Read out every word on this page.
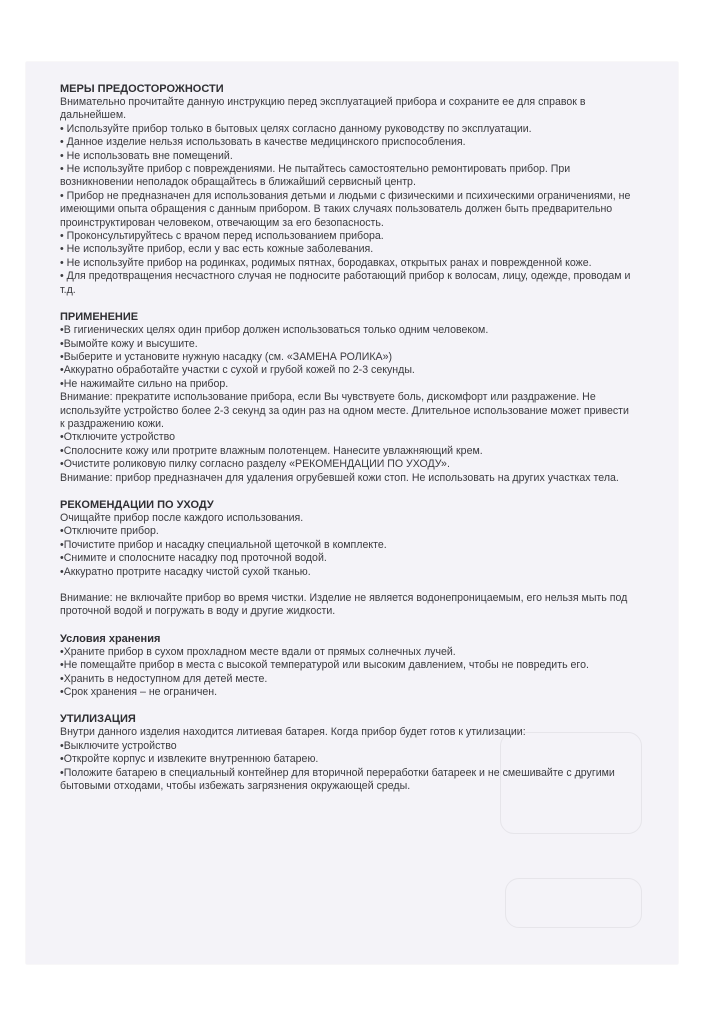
МЕРЫ ПРЕДОСТОРОЖНОСТИ

Внимательно прочитайте данную инструкцию перед эксплуатацией прибора и сохраните ее для справок в

дальнейшем.

• Используйте прибор только в бытовых целях согласно данному руководству по эксплуатации.

• Данное изделие нельзя использовать в качестве медицинского приспособления.

• Не использовать вне помещений.

• Не используйте прибор с повреждениями. Не пытайтесь самостоятельно ремонтировать прибор. При

возникновении неполадок обращайтесь в ближайший сервисный центр.

• Прибор не предназначен для использования детьми и людьми с физическими и психическими ограничениями, не

имеющими опыта обращения с данным прибором. В таких случаях пользователь должен быть предварительно

проинструктирован человеком, отвечающим за его безопасность.

• Проконсультируйтесь с врачом перед использованием прибора.

• Не используйте прибор, если у вас есть кожные заболевания.

• Не используйте прибор на родинках, родимых пятнах, бородавках, открытых ранах и поврежденной коже.

• Для предотвращения несчастного случая не подносите работающий прибор к волосам, лицу, одежде, проводам и

т.д.

ПРИМЕНЕНИЕ

•В гигиенических целях один прибор должен использоваться только одним человеком.

•Вымойте кожу и высушите.

•Выберите и установите нужную насадку (см. «ЗАМЕНА РОЛИКА»)

•Аккуратно обработайте участки с сухой и грубой кожей по 2-3 секунды.

•Не нажимайте сильно на прибор.

Внимание: прекратите использование прибора, если Вы чувствуете боль, дискомфорт или раздражение. Не

используйте устройство более 2-3 секунд за один раз на одном месте. Длительное использование может привести

к раздражению кожи.

•Отключите устройство

•Сполосните кожу или протрите влажным полотенцем. Нанесите увлажняющий крем.

•Очистите роликовую пилку согласно разделу «РЕКОМЕНДАЦИИ ПО УХОДУ».

Внимание: прибор предназначен для удаления огрубевшей кожи стоп. Не использовать на других участках тела.

РЕКОМЕНДАЦИИ ПО УХОДУ

Очищайте прибор после каждого использования.

•Отключите прибор.

•Почистите прибор и насадку специальной щеточкой в комплекте.

•Снимите и сполосните насадку под проточной водой.

•Аккуратно протрите насадку чистой сухой тканью.

Внимание: не включайте прибор во время чистки. Изделие не является водонепроницаемым, его нельзя мыть под

проточной водой и погружать в воду и другие жидкости.

Условия хранения

•Храните прибор в сухом прохладном месте вдали от прямых солнечных лучей.

•Не помещайте прибор в места с высокой температурой или высоким давлением, чтобы не повредить его.

•Хранить в недоступном для детей месте.

•Срок хранения – не ограничен.

УТИЛИЗАЦИЯ

Внутри данного изделия находится литиевая батарея. Когда прибор будет готов к утилизации:

•Выключите устройство

•Откройте корпус и извлеките внутреннюю батарею.

•Положите батарею в специальный контейнер для вторичной переработки батареек и не смешивайте с другими

бытовыми отходами, чтобы избежать загрязнения окружающей среды.
